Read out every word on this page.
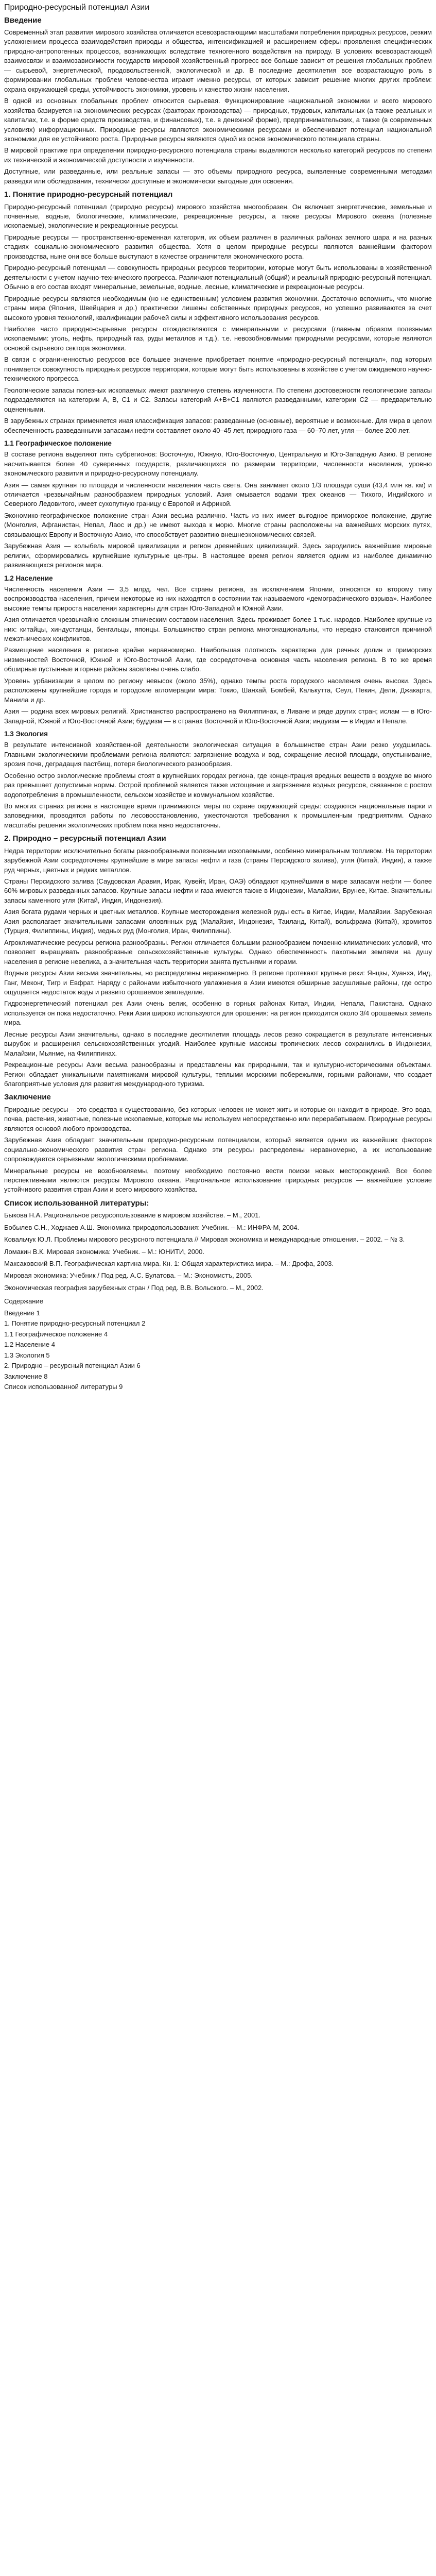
Природно-ресурсный потенциал Азии
Введение

Современный этап развития мирового хозяйства отличается всевозрастающими масштабами потребления природных ресурсов, резким усложнением процесса взаимодействия природы и общества, интенсификацией и расширением сферы проявления специфических природно-антропогенных процессов, возникающих вследствие техногенного воздействия на природу. В условиях всевозрастающей взаимосвязи и взаимозависимости государств мировой хозяйственный прогресс все больше зависит от решения глобальных проблем — сырьевой, энергетической, продовольственной, экологической и др. В последние десятилетия все возрастающую роль в формировании глобальных проблем человечества играют именно ресурсы, от которых зависит решение многих других проблем: охрана окружающей среды, устойчивость экономики, уровень и качество жизни населения.

В одной из основных глобальных проблем относится сырьевая. Функционирование национальной экономики и всего мирового хозяйства базируется на экономических ресурсах (факторах производства) — природных, трудовых, капитальных (а также реальных и капиталах, т.е. в форме средств производства, и финансовых), т.е. в денежной форме), предпринимательских, а также (в современных условиях) информационных. Природные ресурсы являются экономическими ресурсами и обеспечивают потенциал национальной экономики для ее устойчивого роста. Природные ресурсы являются одной из основ экономического потенциала страны.

В мировой практике при определении природно-ресурсного потенциала страны выделяются несколько категорий ресурсов по степени их технической и экономической доступности и изученности.

Доступные, или разведанные, или реальные запасы — это объемы природного ресурса, выявленные современными методами разведки или обследования, технически доступные и экономически выгодные для освоения.

1. Понятие природно-ресурсный потенциал

Природно-ресурсный потенциал (природно ресурсы) мирового хозяйства многообразен. Он включает энергетические, земельные и почвенные, водные, биологические, климатические, рекреационные ресурсы, а также ресурсы Мирового океана (полезные ископаемые), экологические и рекреационные ресурсы.

Природные ресурсы — пространственно-временная категория, их объем различен в различных районах земного шара и на разных стадиях социально-экономического развития общества. Хотя в целом природные ресурсы являются важнейшим фактором производства, ныне они все больше выступают в качестве ограничителя экономического роста.

Природно-ресурсный потенциал — совокупность природных ресурсов территории, которые могут быть использованы в хозяйственной деятельности с учетом научно-технического прогресса. Различают потенциальный (общий) и реальный природно-ресурсный потенциал. Обычно в его состав входят минеральные, земельные, водные, лесные, климатические и рекреационные ресурсы.

Природные ресурсы являются необходимым (но не единственным) условием развития экономики. Достаточно вспомнить, что многие страны мира (Япония, Швейцария и др.) практически лишены собственных природных ресурсов, но успешно развиваются за счет высокого уровня технологий, квалификации рабочей силы и эффективного использования ресурсов.

Наиболее часто природно-сырьевые ресурсы отождествляются с минеральными и ресурсами (главным образом полезными ископаемыми: уголь, нефть, природный газ, руды металлов и т.д.), т.е. невозобновимыми природными ресурсами, которые являются основой сырьевого сектора экономики.

В связи с ограниченностью ресурсов все большее значение приобретает понятие «природно-ресурсный потенциал», под которым понимается совокупность природных ресурсов территории, которые могут быть использованы в хозяйстве с учетом ожидаемого научно-технического прогресса.

Геологические запасы полезных ископаемых имеют различную степень изученности. По степени достоверности геологические запасы подразделяются на категории A, B, C1 и C2. Запасы категорий A+B+C1 являются разведанными, категории C2 — предварительно оцененными.

В зарубежных странах применяется иная классификация запасов: разведанные (основные), вероятные и возможные. Для мира в целом обеспеченность разведанными запасами нефти составляет около 40–45 лет, природного газа — 60–70 лет, угля — более 200 лет.

1.1 Географическое положение

В составе региона выделяют пять субрегионов: Восточную, Южную, Юго-Восточную, Центральную и Юго-Западную Азию. В регионе насчитывается более 40 суверенных государств, различающихся по размерам территории, численности населения, уровню экономического развития и природно-ресурсному потенциалу.

Азия — самая крупная по площади и численности населения часть света. Она занимает около 1/3 площади суши (43,4 млн кв. км) и отличается чрезвычайным разнообразием природных условий. Азия омывается водами трех океанов — Тихого, Индийского и Северного Ледовитого, имеет сухопутную границу с Европой и Африкой.

Экономико-географическое положение стран Азии весьма различно. Часть из них имеет выгодное приморское положение, другие (Монголия, Афганистан, Непал, Лаос и др.) не имеют выхода к морю. Многие страны расположены на важнейших морских путях, связывающих Европу и Восточную Азию, что способствует развитию внешнеэкономических связей.

Зарубежная Азия — колыбель мировой цивилизации и регион древнейших цивилизаций. Здесь зародились важнейшие мировые религии, сформировались крупнейшие культурные центры. В настоящее время регион является одним из наиболее динамично развивающихся регионов мира.

1.2 Население

Численность населения Азии — 3,5 млрд. чел. Все страны региона, за исключением Японии, относятся ко второму типу воспроизводства населения, причем некоторые из них находятся в состоянии так называемого «демографического взрыва». Наиболее высокие темпы прироста населения характерны для стран Юго-Западной и Южной Азии.

Азия отличается чрезвычайно сложным этническим составом населения. Здесь проживает более 1 тыс. народов. Наиболее крупные из них: китайцы, хиндустанцы, бенгальцы, японцы. Большинство стран региона многонациональны, что нередко становится причиной межэтнических конфликтов.

Размещение населения в регионе крайне неравномерно. Наибольшая плотность характерна для речных долин и приморских низменностей Восточной, Южной и Юго-Восточной Азии, где сосредоточена основная часть населения региона. В то же время обширные пустынные и горные районы заселены очень слабо.

Уровень урбанизации в целом по региону невысок (около 35%), однако темпы роста городского населения очень высоки. Здесь расположены крупнейшие города и городские агломерации мира: Токио, Шанхай, Бомбей, Калькутта, Сеул, Пекин, Дели, Джакарта, Манила и др.

Азия — родина всех мировых религий. Христианство распространено на Филиппинах, в Ливане и ряде других стран; ислам — в Юго-Западной, Южной и Юго-Восточной Азии; буддизм — в странах Восточной и Юго-Восточной Азии; индуизм — в Индии и Непале.

1.3 Экология

В результате интенсивной хозяйственной деятельности экологическая ситуация в большинстве стран Азии резко ухудшилась. Главными экологическими проблемами региона являются: загрязнение воздуха и вод, сокращение лесной площади, опустынивание, эрозия почв, деградация пастбищ, потеря биологического разнообразия.

Особенно остро экологические проблемы стоят в крупнейших городах региона, где концентрация вредных веществ в воздухе во много раз превышает допустимые нормы. Острой проблемой является также истощение и загрязнение водных ресурсов, связанное с ростом водопотребления в промышленности, сельском хозяйстве и коммунальном хозяйстве.

Во многих странах региона в настоящее время принимаются меры по охране окружающей среды: создаются национальные парки и заповедники, проводятся работы по лесовосстановлению, ужесточаются требования к промышленным предприятиям. Однако масштабы решения экологических проблем пока явно недостаточны.

2. Природно – ресурсный потенциал Азии

Недра территории исключительно богаты разнообразными полезными ископаемыми, особенно минеральным топливом. На территории зарубежной Азии сосредоточены крупнейшие в мире запасы нефти и газа (страны Персидского залива), угля (Китай, Индия), а также руд черных, цветных и редких металлов.

Страны Персидского залива (Саудовская Аравия, Ирак, Кувейт, Иран, ОАЭ) обладают крупнейшими в мире запасами нефти — более 60% мировых разведанных запасов. Крупные запасы нефти и газа имеются также в Индонезии, Малайзии, Брунее, Китае. Значительны запасы каменного угля (Китай, Индия, Индонезия).

Азия богата рудами черных и цветных металлов. Крупные месторождения железной руды есть в Китае, Индии, Малайзии. Зарубежная Азия располагает значительными запасами оловянных руд (Малайзия, Индонезия, Таиланд, Китай), вольфрама (Китай), хромитов (Турция, Филиппины, Индия), медных руд (Монголия, Иран, Филиппины).

Агроклиматические ресурсы региона разнообразны. Регион отличается большим разнообразием почвенно-климатических условий, что позволяет выращивать разнообразные сельскохозяйственные культуры. Однако обеспеченность пахотными землями на душу населения в регионе невелика, а значительная часть территории занята пустынями и горами.

Водные ресурсы Азии весьма значительны, но распределены неравномерно. В регионе протекают крупные реки: Янцзы, Хуанхэ, Инд, Ганг, Меконг, Тигр и Евфрат. Наряду с районами избыточного увлажнения в Азии имеются обширные засушливые районы, где остро ощущается недостаток воды и развито орошаемое земледелие.

Гидроэнергетический потенциал рек Азии очень велик, особенно в горных районах Китая, Индии, Непала, Пакистана. Однако используется он пока недостаточно. Реки Азии широко используются для орошения: на регион приходится около 3/4 орошаемых земель мира.

Лесные ресурсы Азии значительны, однако в последние десятилетия площадь лесов резко сокращается в результате интенсивных вырубок и расширения сельскохозяйственных угодий. Наиболее крупные массивы тропических лесов сохранились в Индонезии, Малайзии, Мьянме, на Филиппинах.

Рекреационные ресурсы Азии весьма разнообразны и представлены как природными, так и культурно-историческими объектами. Регион обладает уникальными памятниками мировой культуры, теплыми морскими побережьями, горными районами, что создает благоприятные условия для развития международного туризма.

Заключение

Природные ресурсы – это средства к существованию, без которых человек не может жить и которые он находит в природе. Это вода, почва, растения, животные, полезные ископаемые, которые мы используем непосредственно или перерабатываем. Природные ресурсы являются основой любого производства.

Зарубежная Азия обладает значительным природно-ресурсным потенциалом, который является одним из важнейших факторов социально-экономического развития стран региона. Однако эти ресурсы распределены неравномерно, а их использование сопровождается серьезными экологическими проблемами.

Минеральные ресурсы не возобновляемы, поэтому необходимо постоянно вести поиски новых месторождений. Все более перспективными являются ресурсы Мирового океана. Рациональное использование природных ресурсов — важнейшее условие устойчивого развития стран Азии и всего мирового хозяйства.

Список использованной литературы:

Быкова Н.А. Рациональное ресурсопользование в мировом хозяйстве. – М., 2001.

Бобылев С.Н., Ходжаев А.Ш. Экономика природопользования: Учебник. – М.: ИНФРА-М, 2004.

Ковальчук Ю.Л. Проблемы мирового ресурсного потенциала // Мировая экономика и международные отношения. – 2002. – № 3.

Ломакин В.К. Мировая экономика: Учебник. – М.: ЮНИТИ, 2000.

Максаковский В.П. Географическая картина мира. Кн. 1: Общая характеристика мира. – М.: Дрофа, 2003.

Мировая экономика: Учебник / Под ред. А.С. Булатова. – М.: Экономистъ, 2005.

Экономическая география зарубежных стран / Под ред. В.В. Вольского. – М., 2002.

Содержание

Введение 1

1. Понятие природно-ресурсный потенциал 2

1.1 Географическое положение 4

1.2 Население 4

1.3 Экология 5

2. Природно – ресурсный потенциал Азии 6

Заключение 8

Список использованной литературы 9
